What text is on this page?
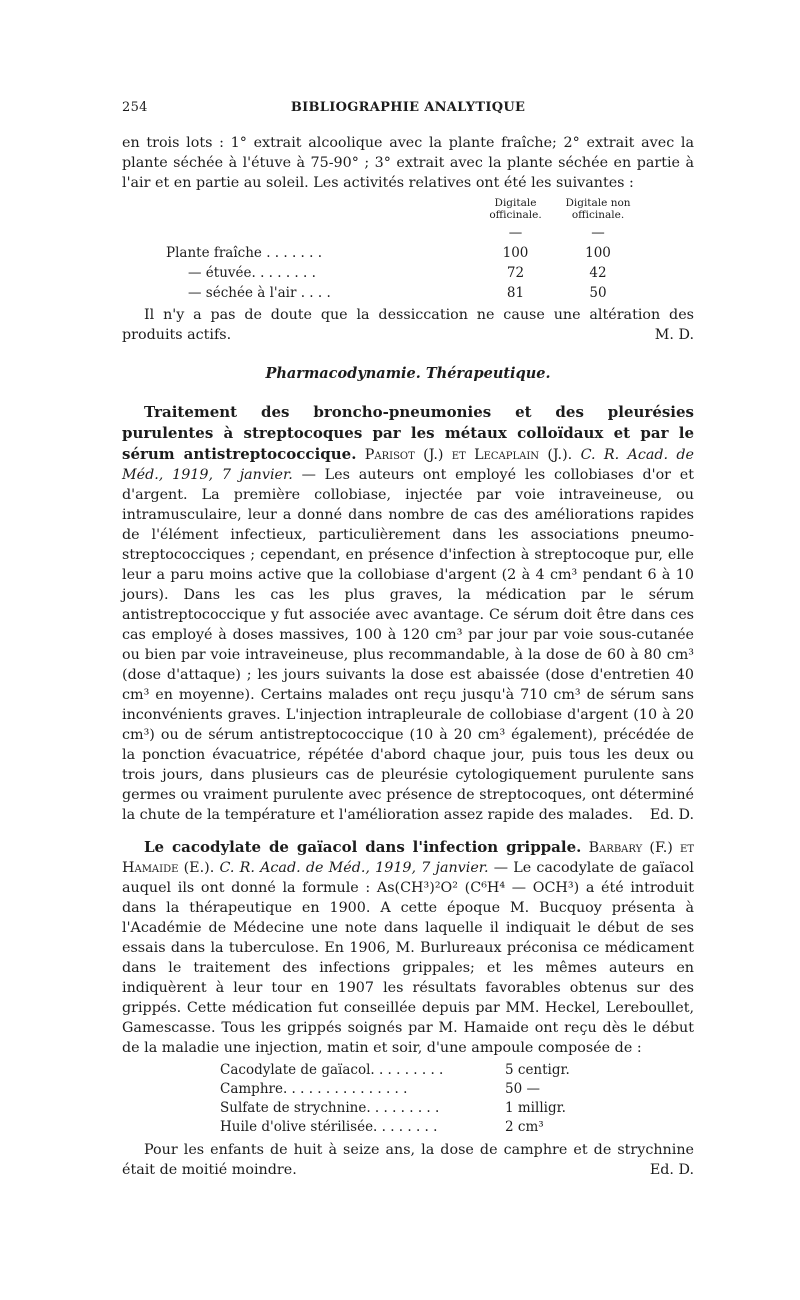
254	BIBLIOGRAPHIE ANALYTIQUE

en trois lots : 1° extrait alcoolique avec la plante fraîche; 2° extrait avec la plante séchée à l'étuve à 75-90° ; 3° extrait avec la plante séchée en partie à l'air et en partie au soleil. Les activités relatives ont été les suivantes :

	Digitale officinale.	Digitale non officinale.

	—	—
Plante fraîche . . . . . . .	100	100
— étuvée. . . . . . . .	72	42
— séchée à l'air . . . .	81	50

Il n'y a pas de doute que la dessiccation ne cause une altération des produits actifs.	M. D.

Pharmacodynamie. Thérapeutique.

Traitement des broncho-pneumonies et des pleurésies purulentes à streptocoques par les métaux colloïdaux et par le sérum antistreptococcique. Parisot (J.) et Lecaplain (J.). C. R. Acad. de Méd., 1919, 7 janvier. — Les auteurs ont employé les collobiases d'or et d'argent. La première collobiase, injectée par voie intraveineuse, ou intramusculaire, leur a donné dans nombre de cas des améliorations rapides de l'élément infectieux, particulièrement dans les associations pneumo-streptococciques ; cependant, en présence d'infection à streptocoque pur, elle leur a paru moins active que la collobiase d'argent (2 à 4 cm³ pendant 6 à 10 jours). Dans les cas les plus graves, la médication par le sérum antistreptococcique y fut associée avec avantage. Ce sérum doit être dans ces cas employé à doses massives, 100 à 120 cm³ par jour par voie sous-cutanée ou bien par voie intraveineuse, plus recommandable, à la dose de 60 à 80 cm³ (dose d'attaque) ; les jours suivants la dose est abaissée (dose d'entretien 40 cm³ en moyenne). Certains malades ont reçu jusqu'à 710 cm³ de sérum sans inconvénients graves. L'injection intrapleurale de collobiase d'argent (10 à 20 cm³) ou de sérum antistreptococcique (10 à 20 cm³ également), précédée de la ponction évacuatrice, répétée d'abord chaque jour, puis tous les deux ou trois jours, dans plusieurs cas de pleurésie cytologiquement purulente sans germes ou vraiment purulente avec présence de streptocoques, ont déterminé la chute de la température et l'amélioration assez rapide des malades.	Ed. D.

Le cacodylate de gaïacol dans l'infection grippale. Barbary (F.) et Hamaide (E.). C. R. Acad. de Méd., 1919, 7 janvier. — Le cacodylate de gaïacol auquel ils ont donné la formule : As(CH³)²O² (C⁶H⁴ — OCH³) a été introduit dans la thérapeutique en 1900. A cette époque M. Bucquoy présenta à l'Académie de Médecine une note dans laquelle il indiquait le début de ses essais dans la tuberculose. En 1906, M. Burlureaux préconisa ce médicament dans le traitement des infections grippales; et les mêmes auteurs en indiquèrent à leur tour en 1907 les résultats favorables obtenus sur des grippés. Cette médication fut conseillée depuis par MM. Heckel, Lereboullet, Gamescasse. Tous les grippés soignés par M. Hamaide ont reçu dès le début de la maladie une injection, matin et soir, d'une ampoule composée de :

Cacodylate de gaïacol. . . . . . . . .	5 centigr.
Camphre. . . . . . . . . . . . . . .	50 —
Sulfate de strychnine. . . . . . . . .	1 milligr.
Huile d'olive stérilisée. . . . . . . .	2 cm³

Pour les enfants de huit à seize ans, la dose de camphre et de strychnine était de moitié moindre.	Ed. D.
